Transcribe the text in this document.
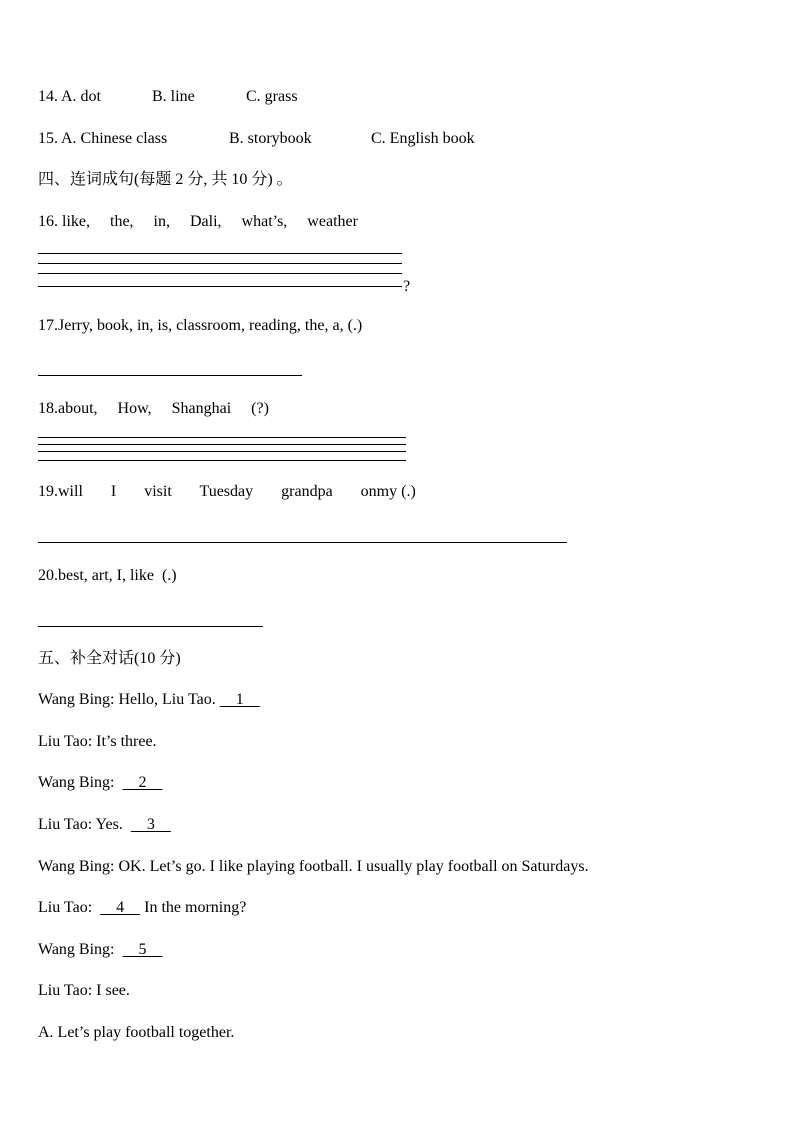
14. A. dot	B. line	C. grass
15. A. Chinese class	B. storybook	C. English book
四、连词成句(每题 2 分, 共 10 分) 。
16. like,     the,     in,     Dali,     what’s,     weather
?
17.Jerry, book, in, is, classroom, reading, the, a, (.)
18.about,     How,     Shanghai     (?)
19.will       I       visit       Tuesday       grandpa       onmy (.)
20.best, art, I, like  (.)
五、补全对话(10 分)
Wang Bing: Hello, Liu Tao.     1
Liu Tao: It’s three.
Wang Bing:      2
Liu Tao: Yes.      3
Wang Bing: OK. Let’s go. I like playing football. I usually play football on Saturdays.
Liu Tao:      4     In the morning?
Wang Bing:      5
Liu Tao: I see.
A. Let’s play football together.
